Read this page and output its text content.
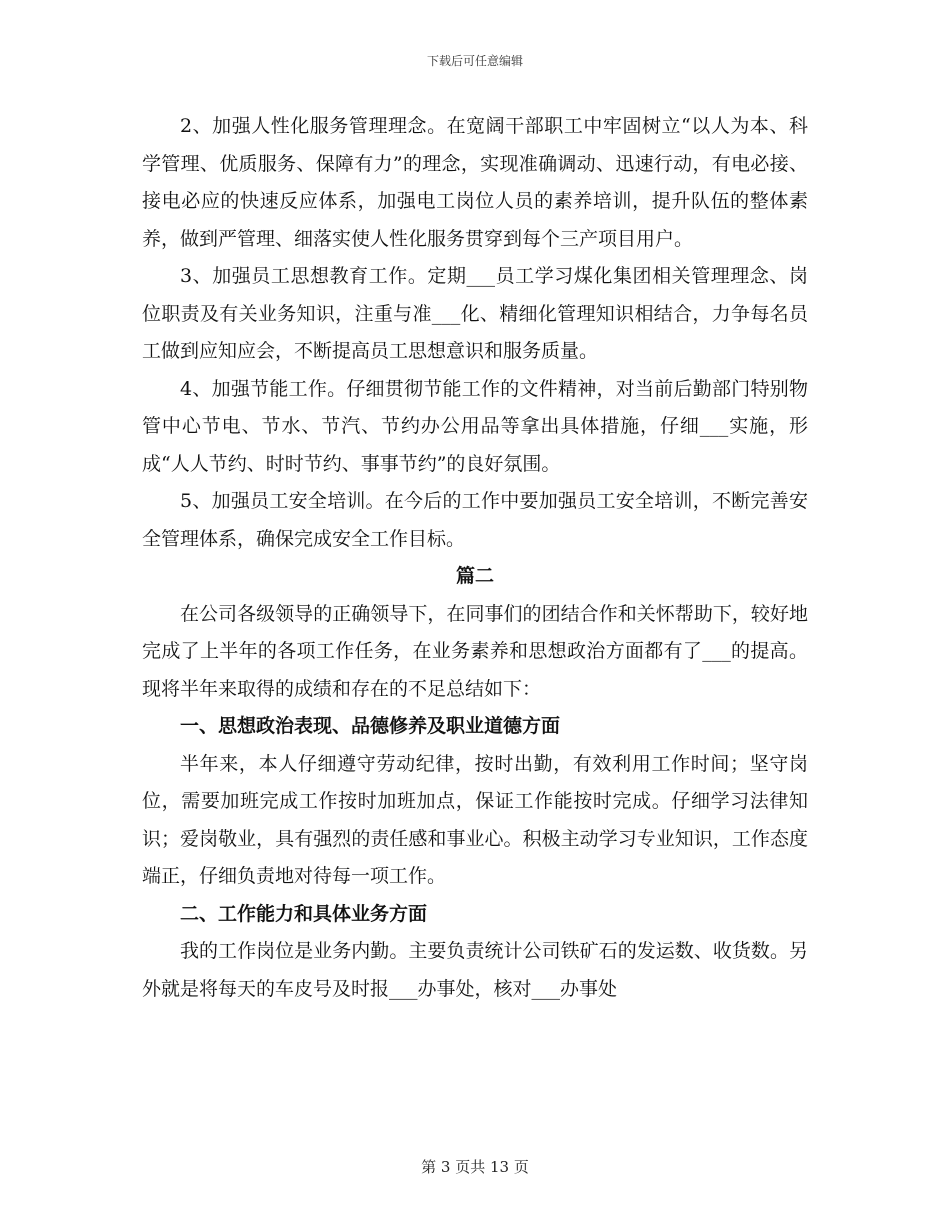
下载后可任意编辑

2、加强人性化服务管理理念。在宽阔干部职工中牢固树立“以人为本、科学管理、优质服务、保障有力”的理念，实现准确调动、迅速行动，有电必接、接电必应的快速反应体系，加强电工岗位人员的素养培训，提升队伍的整体素养，做到严管理、细落实使人性化服务贯穿到每个三产项目用户。

3、加强员工思想教育工作。定期___员工学习煤化集团相关管理理念、岗位职责及有关业务知识，注重与准___化、精细化管理知识相结合，力争每名员工做到应知应会，不断提高员工思想意识和服务质量。

4、加强节能工作。仔细贯彻节能工作的文件精神，对当前后勤部门特别物管中心节电、节水、节汽、节约办公用品等拿出具体措施，仔细___实施，形成“人人节约、时时节约、事事节约”的良好氛围。

5、加强员工安全培训。在今后的工作中要加强员工安全培训，不断完善安全管理体系，确保完成安全工作目标。

篇二

在公司各级领导的正确领导下，在同事们的团结合作和关怀帮助下，较好地完成了上半年的各项工作任务，在业务素养和思想政治方面都有了___的提高。现将半年来取得的成绩和存在的不足总结如下：

一、思想政治表现、品德修养及职业道德方面

半年来，本人仔细遵守劳动纪律，按时出勤，有效利用工作时间；坚守岗位，需要加班完成工作按时加班加点，保证工作能按时完成。仔细学习法律知识；爱岗敬业，具有强烈的责任感和事业心。积极主动学习专业知识，工作态度端正，仔细负责地对待每一项工作。

二、工作能力和具体业务方面

我的工作岗位是业务内勤。主要负责统计公司铁矿石的发运数、收货数。另外就是将每天的车皮号及时报___办事处，核对___办事处

第 3 页共 13 页
